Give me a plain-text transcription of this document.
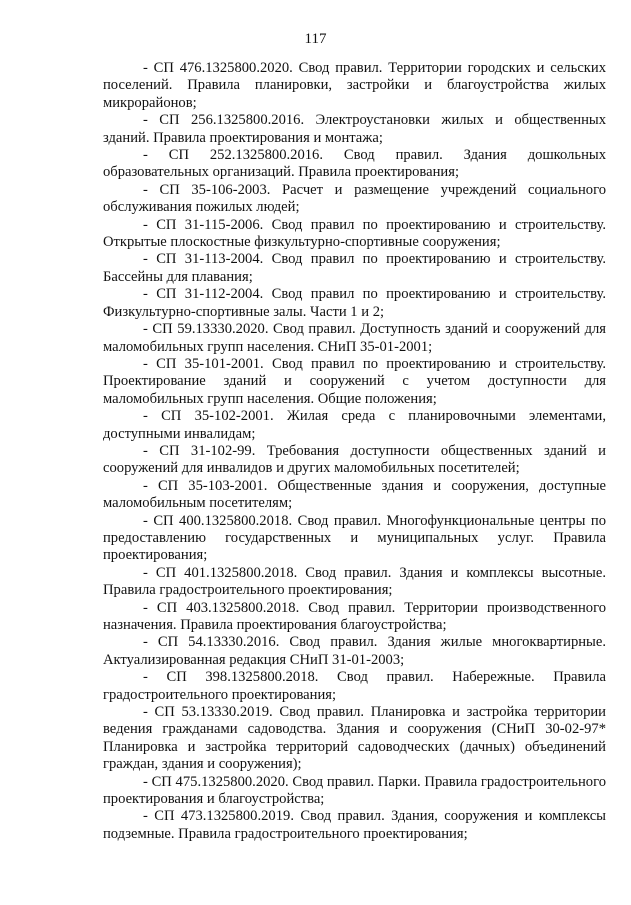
117

- СП 476.1325800.2020. Свод правил. Территории городских и сельских поселений. Правила планировки, застройки и благоустройства жилых микрорайонов;

- СП 256.1325800.2016. Электроустановки жилых и общественных зданий. Правила проектирования и монтажа;

- СП 252.1325800.2016. Свод правил. Здания дошкольных образовательных организаций. Правила проектирования;

- СП 35-106-2003. Расчет и размещение учреждений социального обслуживания пожилых людей;

- СП 31-115-2006. Свод правил по проектированию и строительству. Открытые плоскостные физкультурно-спортивные сооружения;

- СП 31-113-2004. Свод правил по проектированию и строительству. Бассейны для плавания;

- СП 31-112-2004. Свод правил по проектированию и строительству. Физкультурно-спортивные залы. Части 1 и 2;

- СП 59.13330.2020. Свод правил. Доступность зданий и сооружений для маломобильных групп населения. СНиП 35-01-2001;

- СП 35-101-2001. Свод правил по проектированию и строительству. Проектирование зданий и сооружений с учетом доступности для маломобильных групп населения. Общие положения;

- СП 35-102-2001. Жилая среда с планировочными элементами, доступными инвалидам;

- СП 31-102-99. Требования доступности общественных зданий и сооружений для инвалидов и других маломобильных посетителей;

- СП 35-103-2001. Общественные здания и сооружения, доступные маломобильным посетителям;

- СП 400.1325800.2018. Свод правил. Многофункциональные центры по предоставлению государственных и муниципальных услуг. Правила проектирования;

- СП 401.1325800.2018. Свод правил. Здания и комплексы высотные. Правила градостроительного проектирования;

- СП 403.1325800.2018. Свод правил. Территории производственного назначения. Правила проектирования благоустройства;

- СП 54.13330.2016. Свод правил. Здания жилые многоквартирные. Актуализированная редакция СНиП 31-01-2003;

- СП 398.1325800.2018. Свод правил. Набережные. Правила градостроительного проектирования;

- СП 53.13330.2019. Свод правил. Планировка и застройка территории ведения гражданами садоводства. Здания и сооружения (СНиП 30-02-97* Планировка и застройка территорий садоводческих (дачных) объединений граждан, здания и сооружения);

- СП 475.1325800.2020. Свод правил. Парки. Правила градостроительного проектирования и благоустройства;

- СП 473.1325800.2019. Свод правил. Здания, сооружения и комплексы подземные. Правила градостроительного проектирования;
